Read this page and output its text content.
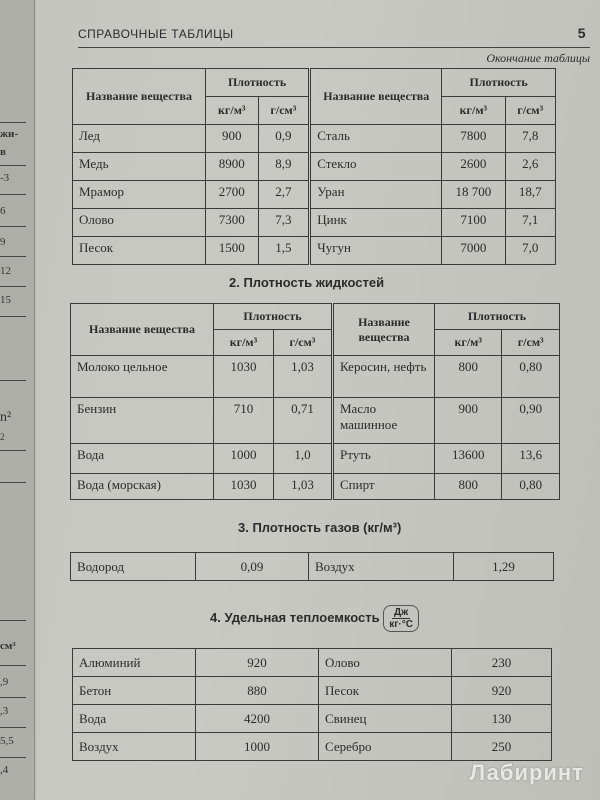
жи-
в
-3
6
9
12
15
n²
2
см³
,9
,3
5,5
,4
СПРАВОЧНЫЕ ТАБЛИЦЫ	5
Окончание таблицы
Название вещества	Плотность		Название вещества	Плотность	
	кг/м³	г/см³		кг/м³	г/см³
Лед	900	0,9	Сталь	7800	7,8
Медь	8900	8,9	Стекло	2600	2,6
Мрамор	2700	2,7	Уран	18 700	18,7
Олово	7300	7,3	Цинк	7100	7,1
Песок	1500	1,5	Чугун	7000	7,0
2. Плотность жидкостей
Название вещества	Плотность		Название вещества	Плотность	
	кг/м³	г/см³		кг/м³	г/см³
Молоко цельное	1030	1,03	Керосин, нефть	800	0,80
Бензин	710	0,71	Масло машинное	900	0,90
Вода	1000	1,0	Ртуть	13600	13,6
Вода (морская)	1030	1,03	Спирт	800	0,80
3. Плотность газов (кг/м³)
Водород	0,09	Воздух	1,29
4. Удельная теплоемкость $\frac{Дж}{кг\cdot^\circ С}$
Алюминий	920	Олово	230
Бетон	880	Песок	920
Вода	4200	Свинец	130
Воздух	1000	Серебро	250
Лабиринт
